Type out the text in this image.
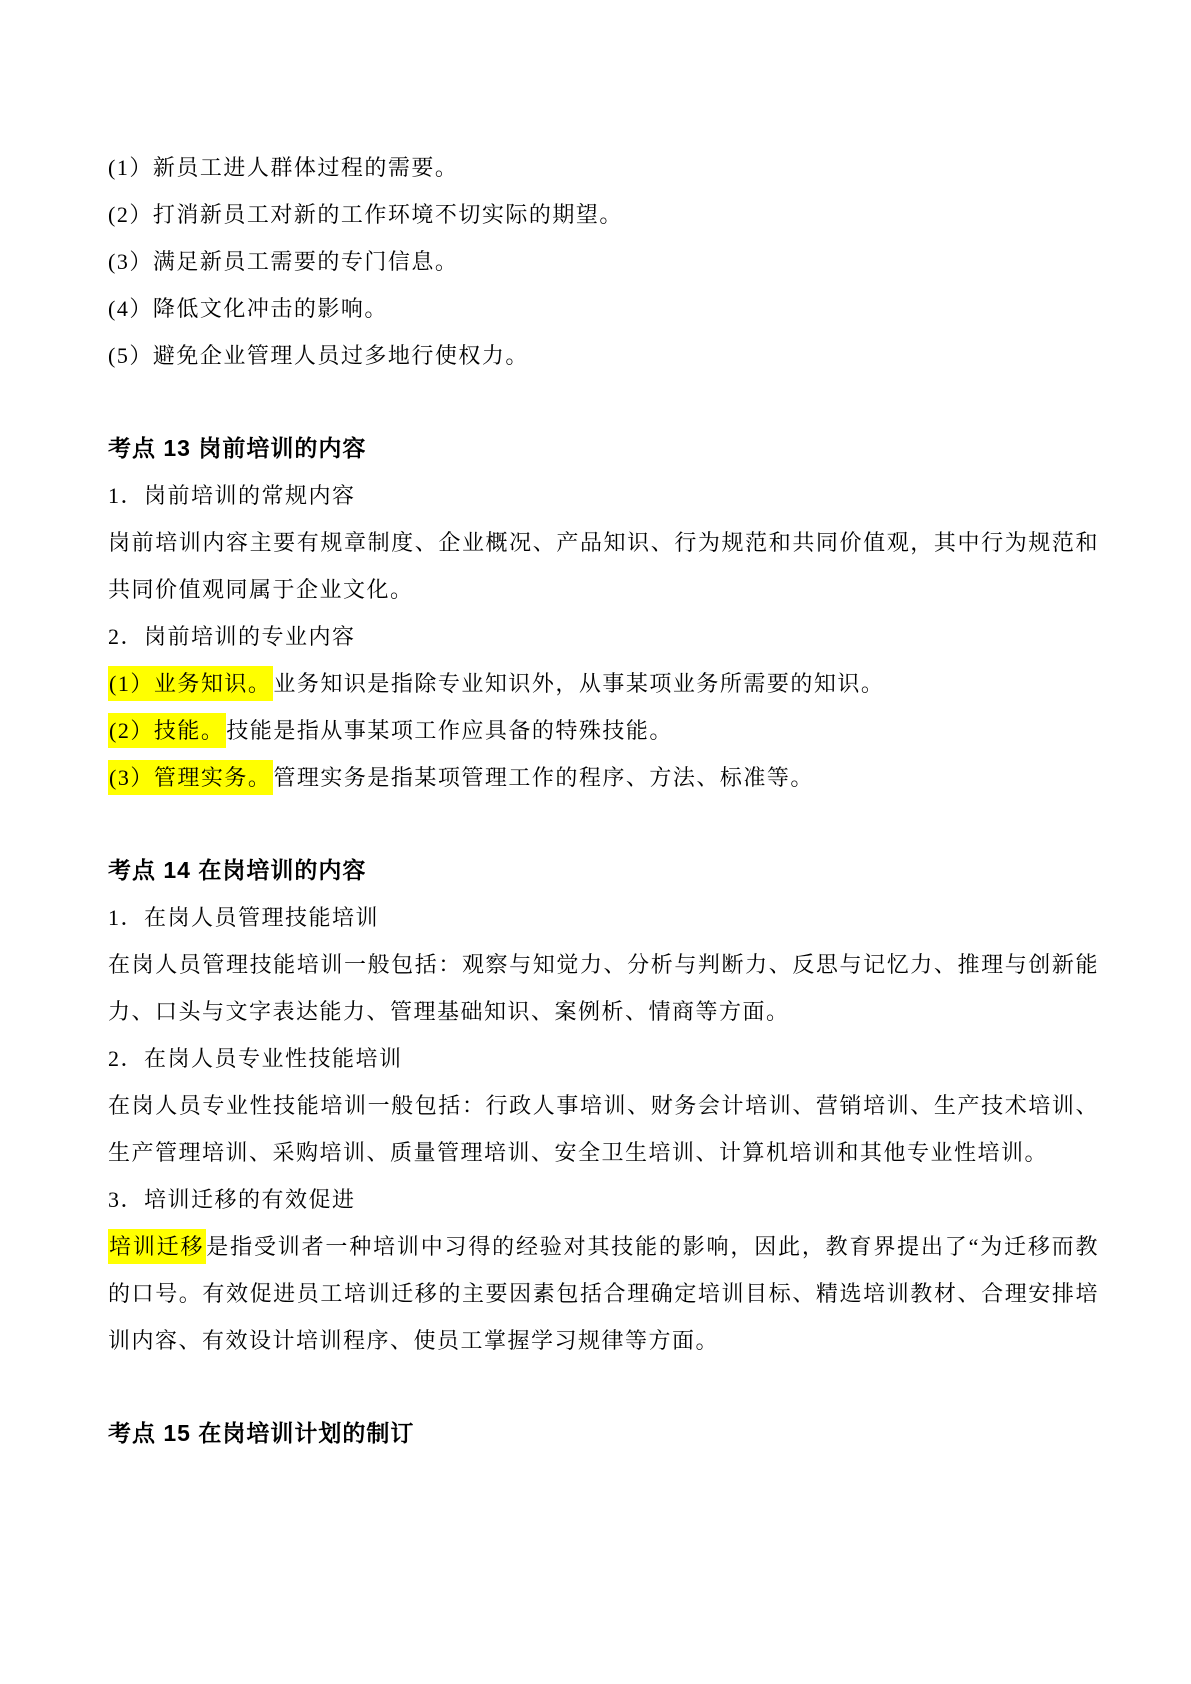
(1）新员工进人群体过程的需要。

(2）打消新员工对新的工作环境不切实际的期望。

(3）满足新员工需要的专门信息。

(4）降低文化冲击的影响。

(5）避免企业管理人员过多地行使权力。

考点 13 岗前培训的内容

1．岗前培训的常规内容

岗前培训内容主要有规章制度、企业概况、产品知识、行为规范和共同价值观，其中行为规范和共同价值观同属于企业文化。

2．岗前培训的专业内容

(1）业务知识。业务知识是指除专业知识外，从事某项业务所需要的知识。

(2）技能。技能是指从事某项工作应具备的特殊技能。

(3）管理实务。管理实务是指某项管理工作的程序、方法、标准等。

考点 14 在岗培训的内容

1．在岗人员管理技能培训

在岗人员管理技能培训一般包括：观察与知觉力、分析与判断力、反思与记忆力、推理与创新能力、口头与文字表达能力、管理基础知识、案例析、情商等方面。

2．在岗人员专业性技能培训

在岗人员专业性技能培训一般包括：行政人事培训、财务会计培训、营销培训、生产技术培训、生产管理培训、采购培训、质量管理培训、安全卫生培训、计算机培训和其他专业性培训。

3．培训迁移的有效促进

培训迁移是指受训者一种培训中习得的经验对其技能的影响，因此，教育界提出了“为迁移而教的口号。有效促进员工培训迁移的主要因素包括合理确定培训目标、精选培训教材、合理安排培训内容、有效设计培训程序、使员工掌握学习规律等方面。

考点 15 在岗培训计划的制订
